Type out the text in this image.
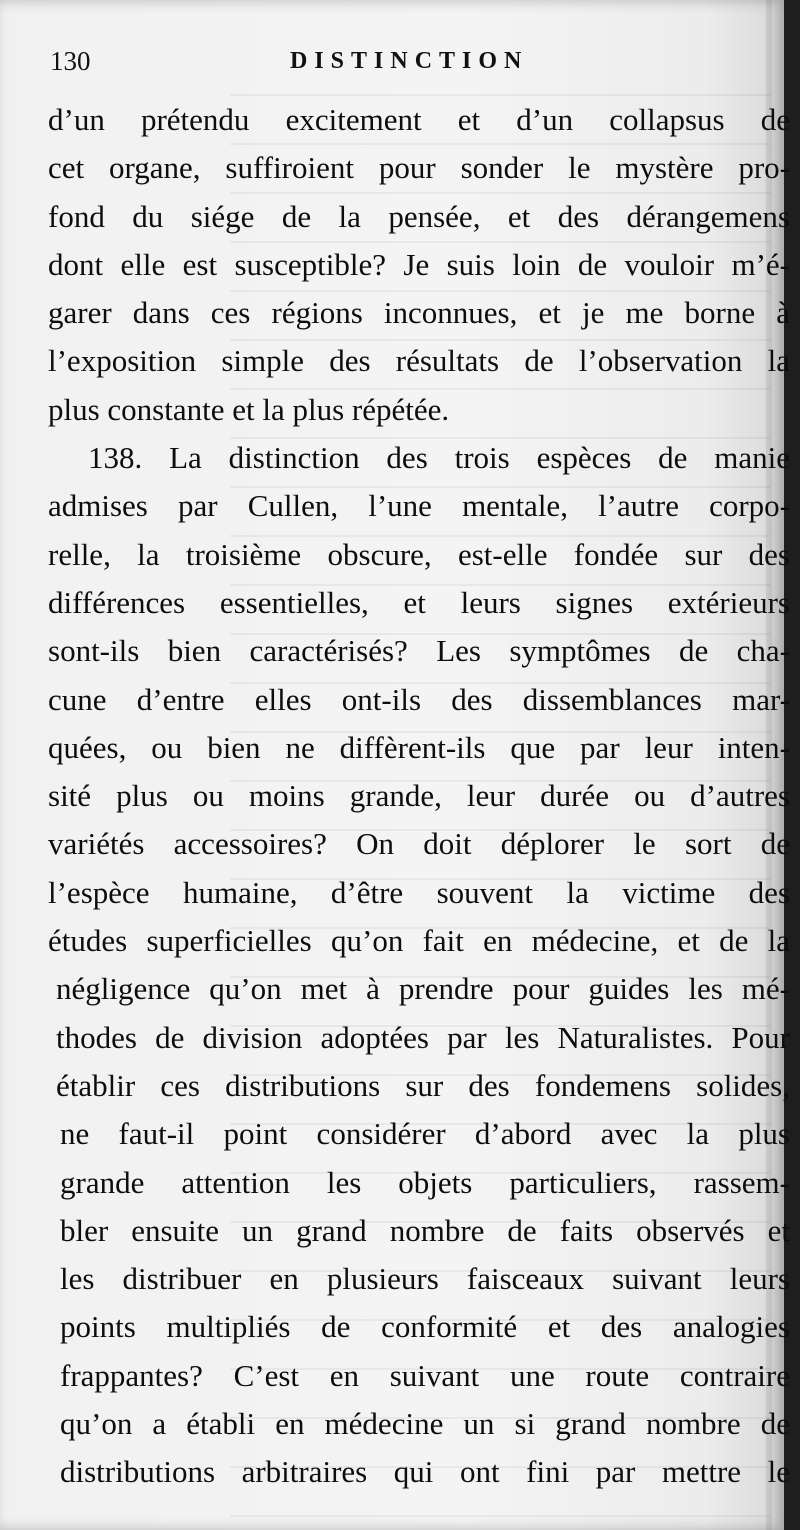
130	DISTINCTION
d’un prétendu excitement et d’un collapsus de
cet organe, suffiroient pour sonder le mystère pro-
fond du siége de la pensée, et des dérangemens
dont elle est susceptible? Je suis loin de vouloir m’é-
garer dans ces régions inconnues, et je me borne à
l’exposition simple des résultats de l’observation la
plus constante et la plus répétée.
138. La distinction des trois espèces de manie
admises par Cullen, l’une mentale, l’autre corpo-
relle, la troisième obscure, est-elle fondée sur des
différences essentielles, et leurs signes extérieurs
sont-ils bien caractérisés? Les symptômes de cha-
cune d’entre elles ont-ils des dissemblances mar-
quées, ou bien ne diffèrent-ils que par leur inten-
sité plus ou moins grande, leur durée ou d’autres
variétés accessoires? On doit déplorer le sort de
l’espèce humaine, d’être souvent la victime des
études superficielles qu’on fait en médecine, et de la
négligence qu’on met à prendre pour guides les mé-
thodes de division adoptées par les Naturalistes. Pour
établir ces distributions sur des fondemens solides,
ne faut-il point considérer d’abord avec la plus
grande attention les objets particuliers, rassem-
bler ensuite un grand nombre de faits observés et
les distribuer en plusieurs faisceaux suivant leurs
points multipliés de conformité et des analogies
frappantes? C’est en suivant une route contraire
qu’on a établi en médecine un si grand nombre de
distributions arbitraires qui ont fini par mettre le
